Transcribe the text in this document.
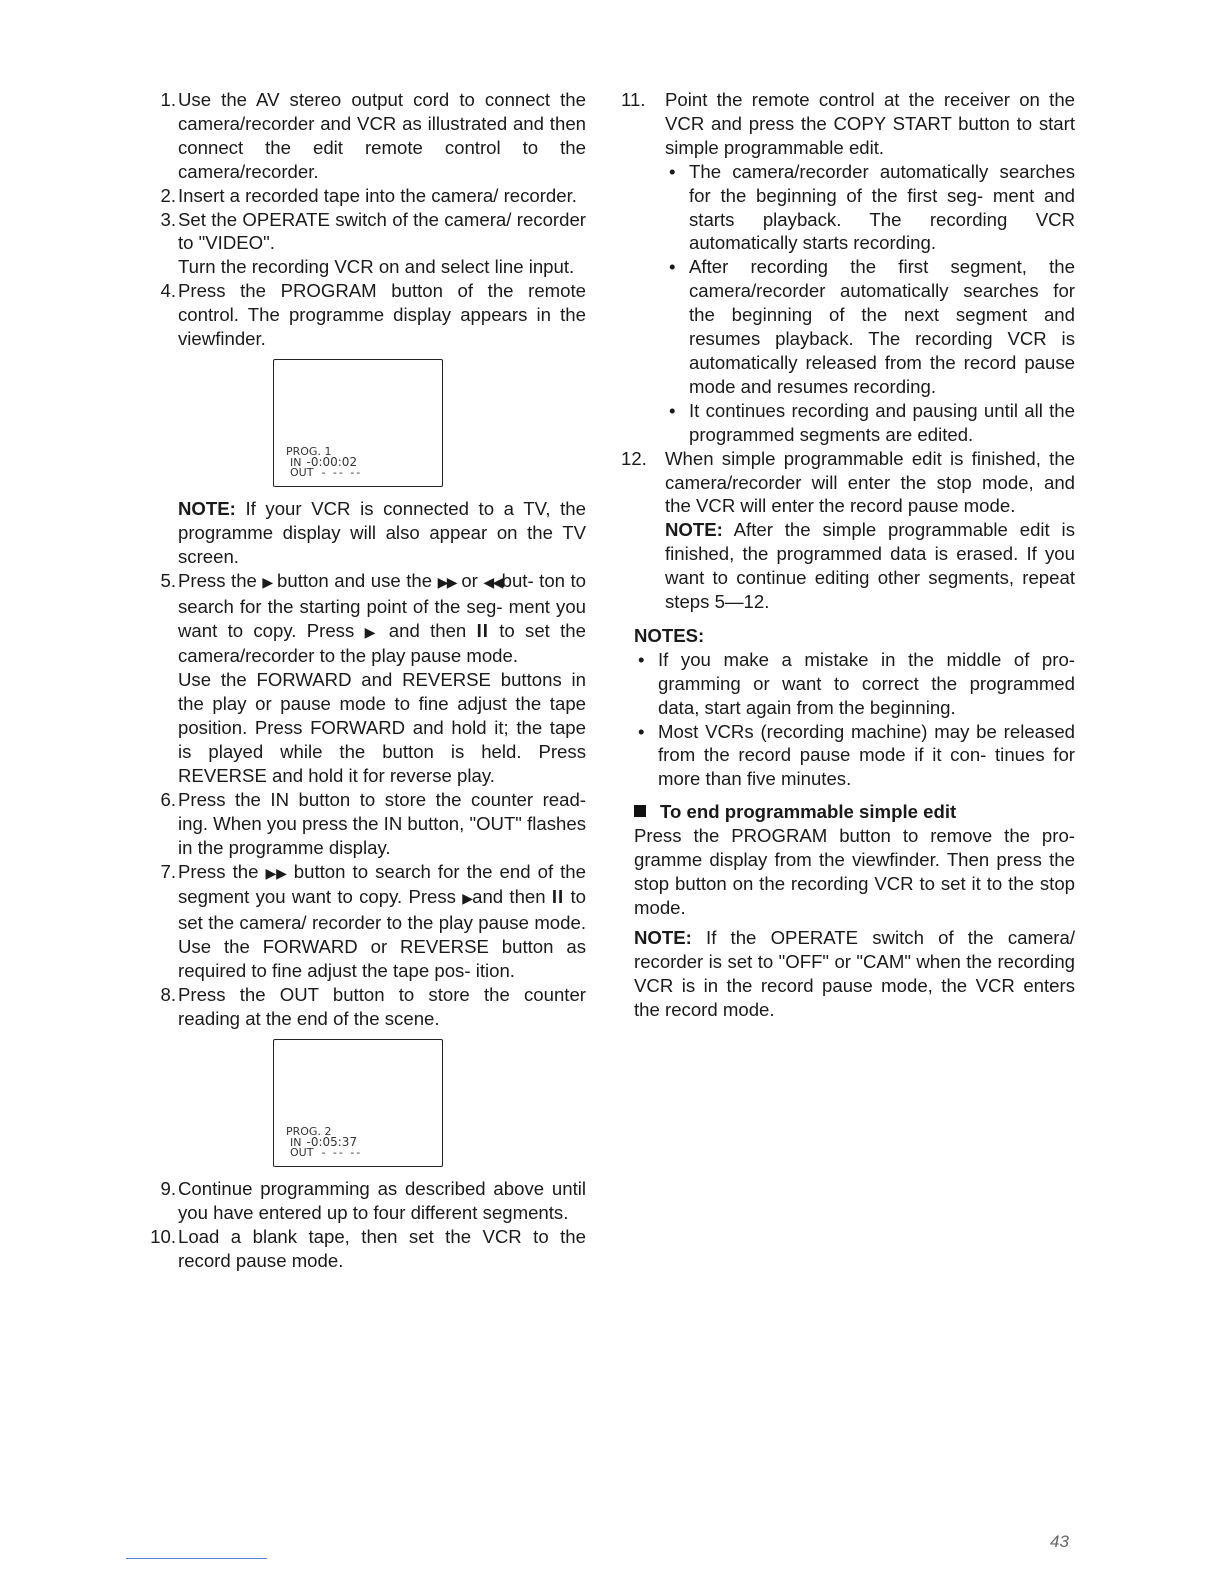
1. Use the AV stereo output cord to connect the camera/recorder and VCR as illustrated and then connect the edit remote control to the camera/recorder.
2. Insert a recorded tape into the camera/ recorder.
3. Set the OPERATE switch of the camera/ recorder to "VIDEO".

Turn the recording VCR on and select line input.

4. Press the PROGRAM button of the remote control. The programme display appears in the viewfinder.
PROG. 1
IN -0:00:02
OUT - -- --
NOTE: If your VCR is connected to a TV, the programme display will also appear on the TV screen.
5. Press the ▶ button and use the ▶▶ or ◀◀but- ton to search for the starting point of the seg- ment you want to copy. Press ▶ and then II to set the camera/recorder to the play pause mode.

Use the FORWARD and REVERSE buttons in the play or pause mode to fine adjust the tape position. Press FORWARD and hold it; the tape is played while the button is held. Press REVERSE and hold it for reverse play.

6. Press the IN button to store the counter read- ing. When you press the IN button, "OUT" flashes in the programme display.
7. Press the ▶▶ button to search for the end of the segment you want to copy. Press ▶and then II to set the camera/ recorder to the play pause mode. Use the FORWARD or REVERSE button as required to fine adjust the tape pos- ition.

8. Press the OUT button to store the counter reading at the end of the scene.
PROG. 2
IN -0:05:37
OUT - -- --
9. Continue programming as described above until you have entered up to four different segments.
10. Load a blank tape, then set the VCR to the record pause mode.
11. Point the remote control at the receiver on the VCR and press the COPY START button to start simple programmable edit.

• The camera/recorder automatically searches for the beginning of the first seg- ment and starts playback. The recording VCR automatically starts recording.
• After recording the first segment, the camera/recorder automatically searches for the beginning of the next segment and resumes playback. The recording VCR is automatically released from the record pause mode and resumes recording.
• It continues recording and pausing until all the programmed segments are edited.
12. When simple programmable edit is finished, the camera/recorder will enter the stop mode, and the VCR will enter the record pause mode.

NOTE: After the simple programmable edit is finished, the programmed data is erased. If you want to continue editing other segments, repeat steps 5—12.

NOTES:

• If you make a mistake in the middle of pro- gramming or want to correct the programmed data, start again from the beginning.
• Most VCRs (recording machine) may be released from the record pause mode if it con- tinues for more than five minutes.

To end programmable simple edit

Press the PROGRAM button to remove the pro- gramme display from the viewfinder. Then press the stop button on the recording VCR to set it to the stop mode.

NOTE: If the OPERATE switch of the camera/ recorder is set to "OFF" or "CAM" when the recording VCR is in the record pause mode, the VCR enters the record mode.

43
